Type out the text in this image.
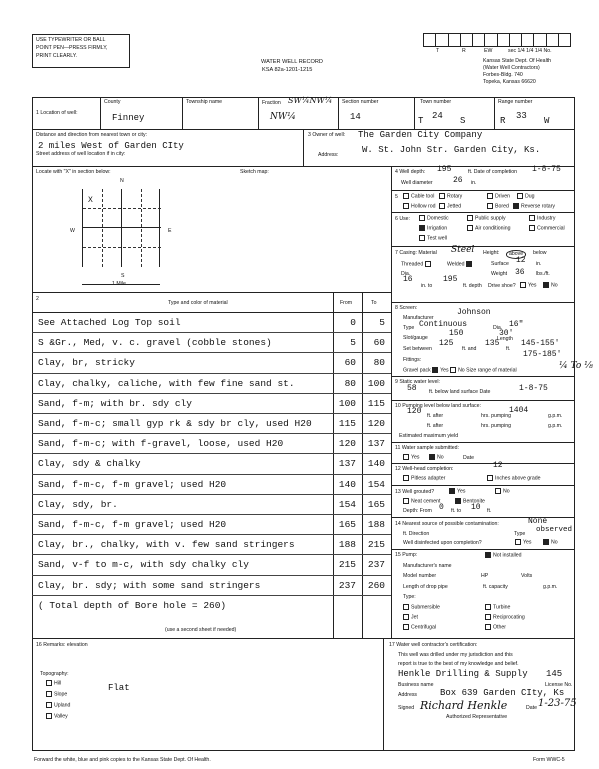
USE TYPEWRITER OR BALL
POINT PEN—PRESS FIRMLY,
PRINT CLEARLY.
WATER WELL RECORD
KSA 82a-1201-1215
T	R	EW	sec 1/4 1/4 1/4 No.
Kansas State Dept. Of Health
(Water Well Contractors)
Forbes-Bldg. 740
Topeka, Kansas 66620
1 Location of well:
County
Finney
Township name	Fraction SW¼NW¼
NW¼
Section number
14
Town number
T 24 S
Range number
R 33 W
Distance and direction from nearest town or city:
2 miles West of Garden CIty
Street address of well location if in city:
3 Owner of well: The Garden City Company
Address:	W. St. John Str. Garden City, Ks.
Locate with "X" in section below:	Sketch map:
N
S
W	E
X
1 Mile
2
Type and color of material	From	To
See Attached Log Top soil	0	5
S &Gr., Med, v. c. gravel (cobble stones)	5	60
Clay, br, stricky	60	80
Clay, chalky, caliche, with few fine sand st.	80	100
Sand, f-m; with br. sdy cly	100	115
Sand, f-m-c; small gyp rk & sdy br cly, used H20	115	120
Sand, f-m-c; with f-gravel, loose, used H20	120	137
Clay, sdy & chalky	137	140
Sand, f-m-c, f-m gravel; used H20	140	154
Clay, sdy, br.	154	165
Sand, f-m-c, f-m gravel; used H20	165	188
Clay, br., chalky, with v. few sand stringers	188	215
Sand, v-f to m-c, with sdy chalky cly	215	237
Clay, br. sdy; with some sand stringers	237	260
( Total depth of Bore hole = 260)
(use a second sheet if needed)
4 Well depth: 195	ft. Date of completion 1-8-75
Well diameter	26 in.
5	Cable tool	Rotary	Driven	Dug
Hollow rod	Jetted	Bored	Reverse rotary
6 Use:	Domestic	Public supply	Industry
Irrigation	Air conditioning	Commercial
Test well
7 Casing: Material Steel Height:	above	below
Threaded	Welded	Surface 12 in.
Dia.
16
Weight 36 lbs./ft.
in. to
195
ft. depth Drive shoe?	Yes	No
8 Screen:
Manufacturer
Johnson
Type Continuous	Dia. 16"
Slot/gauge	150
Length
30'
Set between
125
ft. and
135
ft.
145-155'
Fittings:
175-185'
Gravel pack Yes No Size range of material	¼ To ⅛
9 Static water level:
58 ft. below land surface Date	1-8-75
10 Pumping level below land surface:
120 ft. after	hrs. pumping
1404
g.p.m.
ft. after	hrs. pumping	g.p.m.
Estimated maximum yield
11 Water sample submitted:
Yes	No	Date
12 Well-head completion:	12
Pitless adapter	Inches above grade
13 Well grouted?	Yes	No
Neat cement	Bentonite
Depth: From 0 ft. to 10 ft.
14 Nearest source of possible contamination:	None
ft. Direction	Type observed
Well disinfected upon completion?	Yes	No
15 Pump:	Not installed
Manufacturer's name
Model number	HP	Volts
Length of drop pipe	ft. capacity	g.p.m.
Type:
Submersible	Turbine
Jet	Reciprocating
Centrifugal	Other
16 Remarks: elevation
Topography:
Hill
Slope
Upland
Valley
Flat
17 Water well contractor's certification:
This well was drilled under my jurisdiction and this
report is true to the best of my knowledge and belief.
Henkle Drilling & Supply 145
Business name	License No.
Address	Box 639 Garden CIty, Ks
Signed Richard Henkle	Date 1-23-75
Authorized Representative
Forward the white, blue and pink copies to the Kansas State Dept. Of Health.	Form WWC-5
